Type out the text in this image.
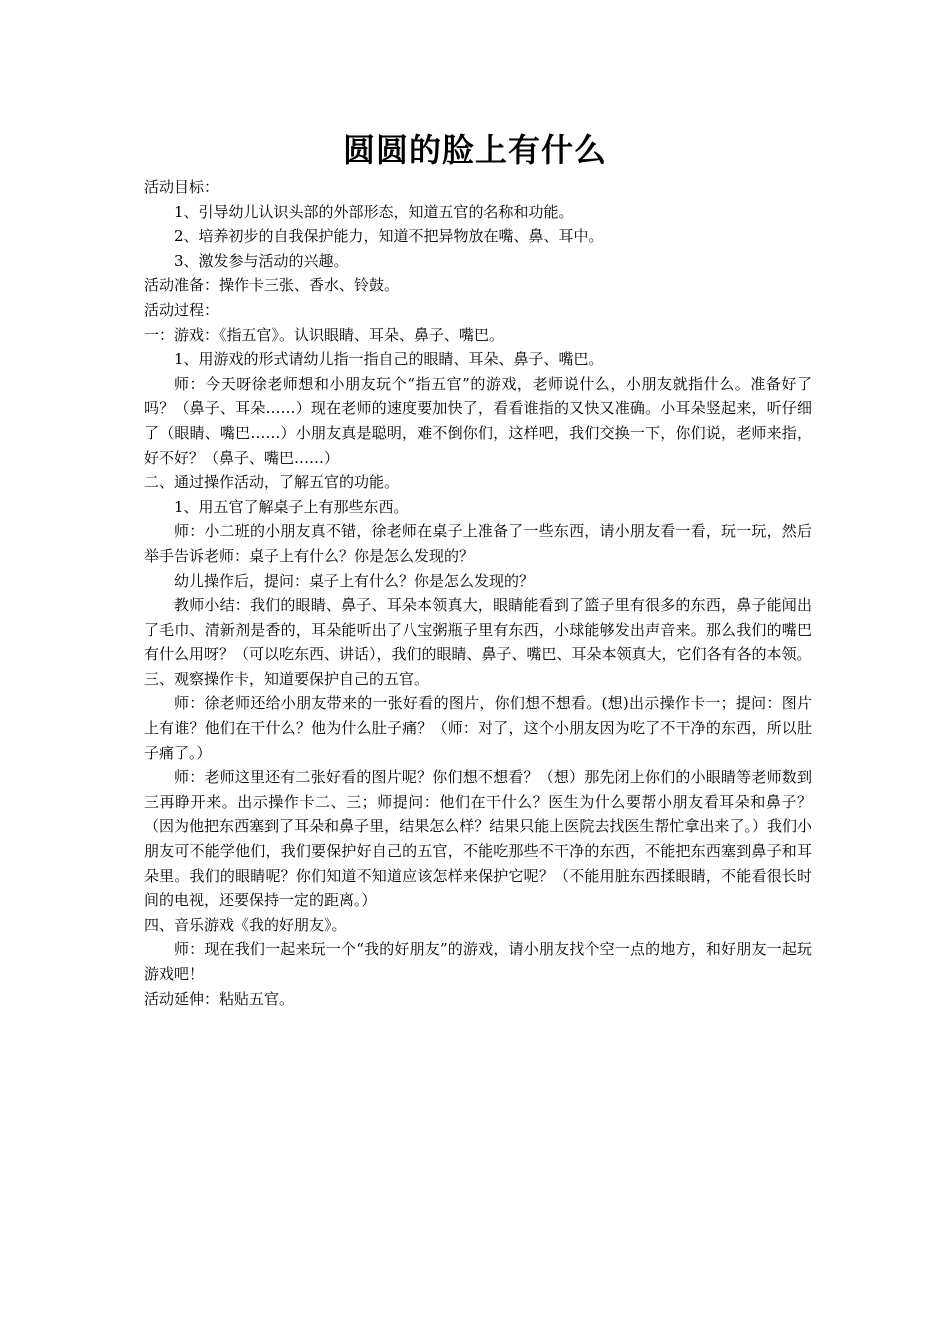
圆圆的脸上有什么

活动目标：

1、引导幼儿认识头部的外部形态，知道五官的名称和功能。

2、培养初步的自我保护能力，知道不把异物放在嘴、鼻、耳中。

3、激发参与活动的兴趣。

活动准备：操作卡三张、香水、铃鼓。

活动过程：

一：游戏：《指五官》。认识眼睛、耳朵、鼻子、嘴巴。

1、用游戏的形式请幼儿指一指自己的眼睛、耳朵、鼻子、嘴巴。

师：今天呀徐老师想和小朋友玩个“指五官”的游戏，老师说什么，小朋友就指什么。准备好了吗？（鼻子、耳朵……）现在老师的速度要加快了，看看谁指的又快又准确。小耳朵竖起来，听仔细了（眼睛、嘴巴……）小朋友真是聪明，难不倒你们，这样吧，我们交换一下，你们说，老师来指，好不好？（鼻子、嘴巴……）

二、通过操作活动，了解五官的功能。

1、用五官了解桌子上有那些东西。

师：小二班的小朋友真不错，徐老师在桌子上准备了一些东西，请小朋友看一看，玩一玩，然后举手告诉老师：桌子上有什么？你是怎么发现的？

幼儿操作后，提问：桌子上有什么？你是怎么发现的？

教师小结：我们的眼睛、鼻子、耳朵本领真大，眼睛能看到了篮子里有很多的东西，鼻子能闻出了毛巾、清新剂是香的，耳朵能听出了八宝粥瓶子里有东西，小球能够发出声音来。那么我们的嘴巴有什么用呀？（可以吃东西、讲话），我们的眼睛、鼻子、嘴巴、耳朵本领真大，它们各有各的本领。

三、观察操作卡，知道要保护自己的五官。

师：徐老师还给小朋友带来的一张好看的图片，你们想不想看。(想)出示操作卡一；提问：图片上有谁？他们在干什么？他为什么肚子痛？（师：对了，这个小朋友因为吃了不干净的东西，所以肚子痛了。）

师：老师这里还有二张好看的图片呢？你们想不想看？（想）那先闭上你们的小眼睛等老师数到三再睁开来。出示操作卡二、三；师提问：他们在干什么？医生为什么要帮小朋友看耳朵和鼻子？（因为他把东西塞到了耳朵和鼻子里，结果怎么样？结果只能上医院去找医生帮忙拿出来了。）我们小朋友可不能学他们，我们要保护好自己的五官，不能吃那些不干净的东西，不能把东西塞到鼻子和耳朵里。我们的眼睛呢？你们知道不知道应该怎样来保护它呢？（不能用脏东西揉眼睛，不能看很长时间的电视，还要保持一定的距离。）

四、音乐游戏《我的好朋友》。

师：现在我们一起来玩一个“我的好朋友”的游戏，请小朋友找个空一点的地方，和好朋友一起玩游戏吧！

活动延伸：粘贴五官。
